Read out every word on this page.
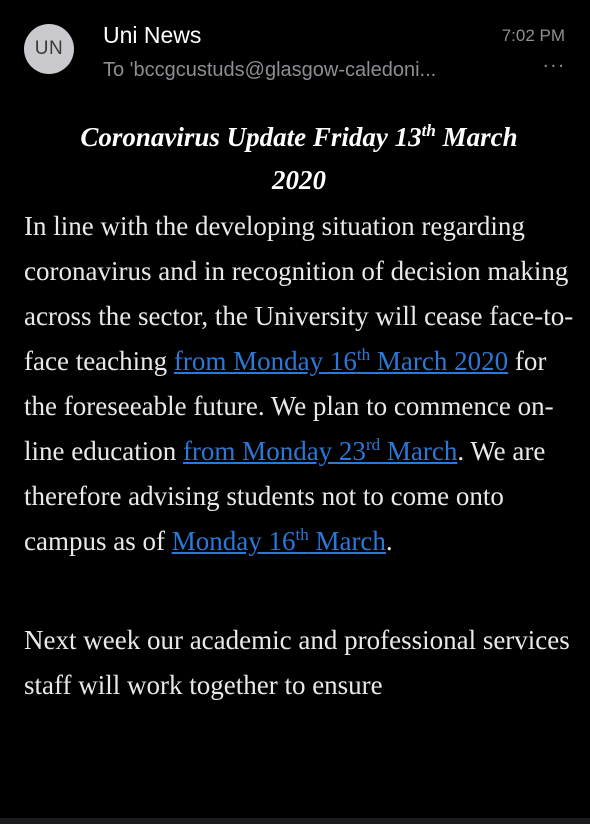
UN
Uni News	7:02 PM
To 'bccgcustuds@glasgow-caledoni...	···
Coronavirus Update Friday 13th March
2020

In line with the developing situation regarding coronavirus and in recognition of decision making across the sector, the University will cease face-to-face teaching from Monday 16th March 2020 for the foreseeable future. We plan to commence on-line education from Monday 23rd March. We are therefore advising students not to come onto campus as of Monday 16th March.

Next week our academic and professional services staff will work together to ensure
